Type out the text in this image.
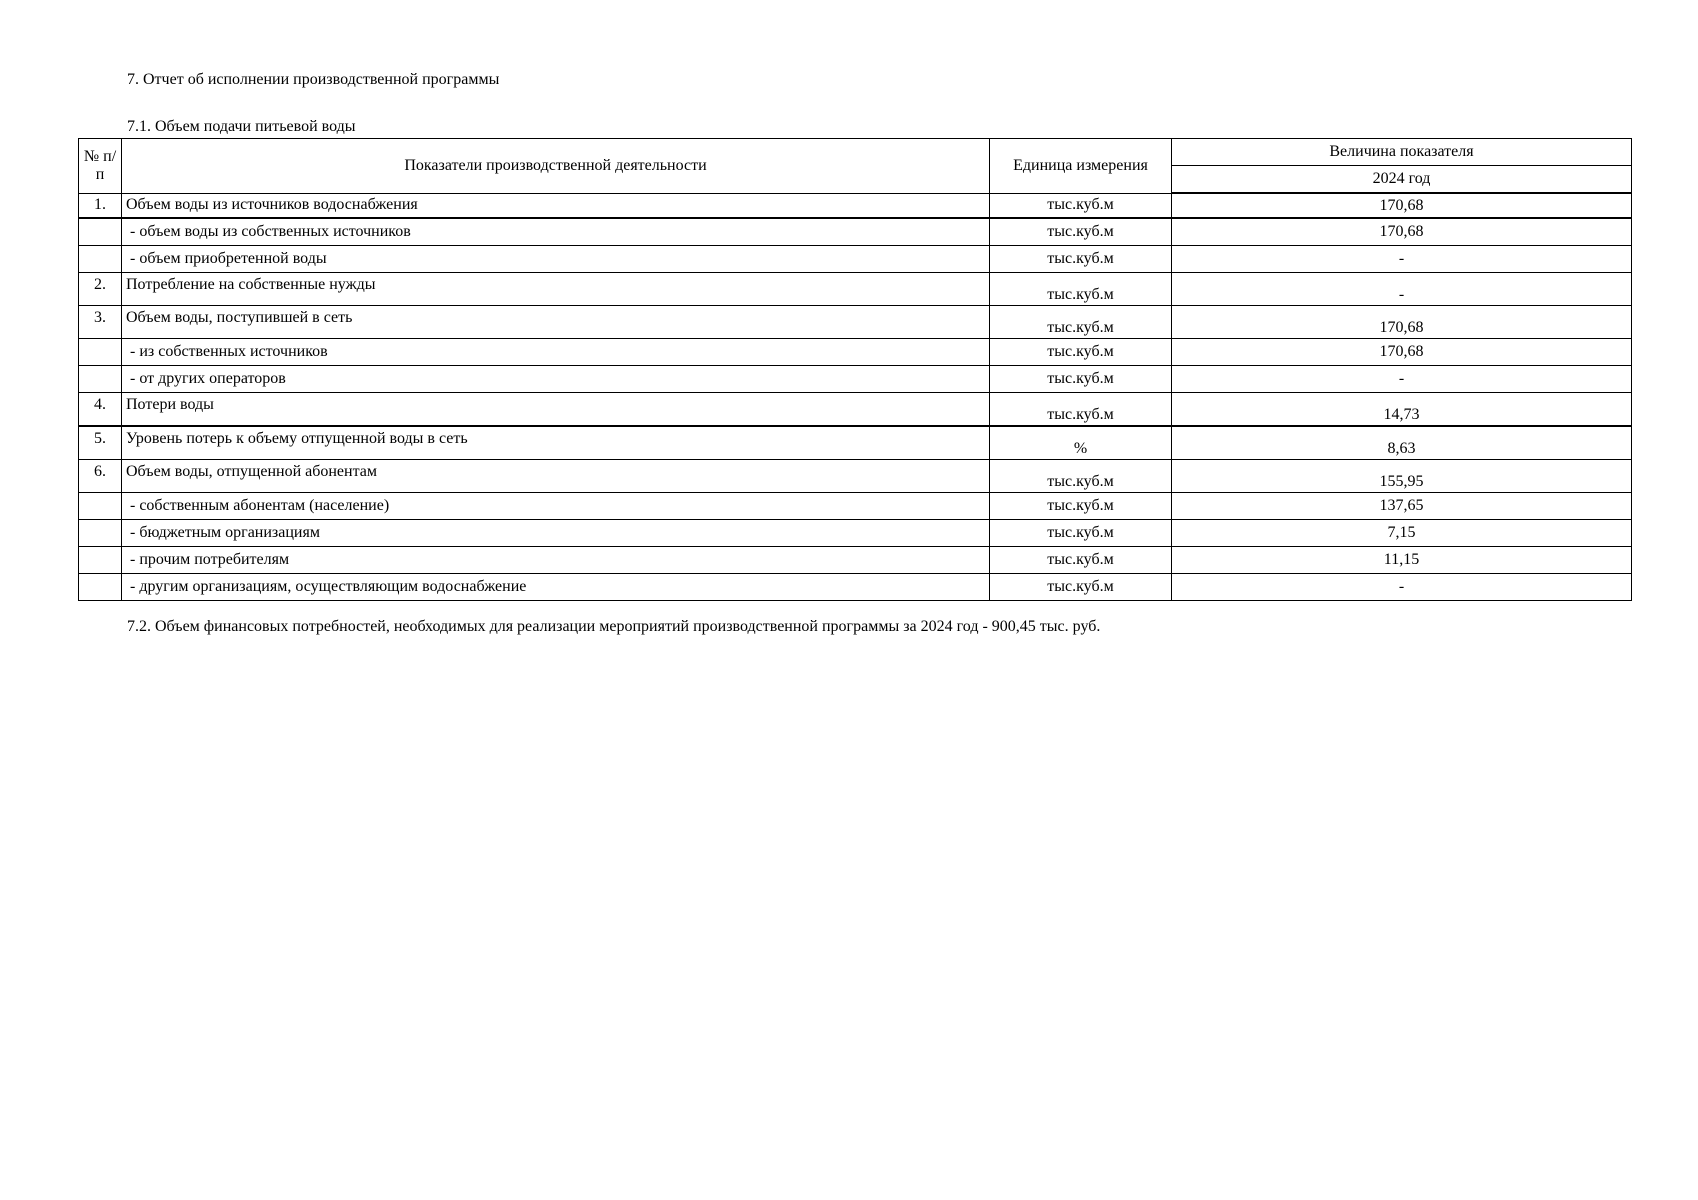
7. Отчет об исполнении производственной программы
7.1. Объем подачи питьевой воды
№ п/п	Показатели производственной деятельности	Единица измерения	Величина показателя
			2024 год
1.	Объем воды из источников водоснабжения	тыс.куб.м	170,68
	- объем воды из собственных источников	тыс.куб.м	170,68
	- объем приобретенной воды	тыс.куб.м	-
2.	Потребление на собственные нужды	тыс.куб.м	-
3.	Объем воды, поступившей в сеть	тыс.куб.м	170,68
	- из собственных источников	тыс.куб.м	170,68
	- от других операторов	тыс.куб.м	-
4.	Потери воды	тыс.куб.м	14,73
5.	Уровень потерь к объему отпущенной воды в сеть	%	8,63
6.	Объем воды, отпущенной абонентам	тыс.куб.м	155,95
	- собственным абонентам (население)	тыс.куб.м	137,65
	- бюджетным организациям	тыс.куб.м	7,15
	- прочим потребителям	тыс.куб.м	11,15
	- другим организациям, осуществляющим водоснабжение	тыс.куб.м	-
7.2. Объем финансовых потребностей, необходимых для реализации мероприятий производственной программы за 2024 год - 900,45 тыс. руб.
